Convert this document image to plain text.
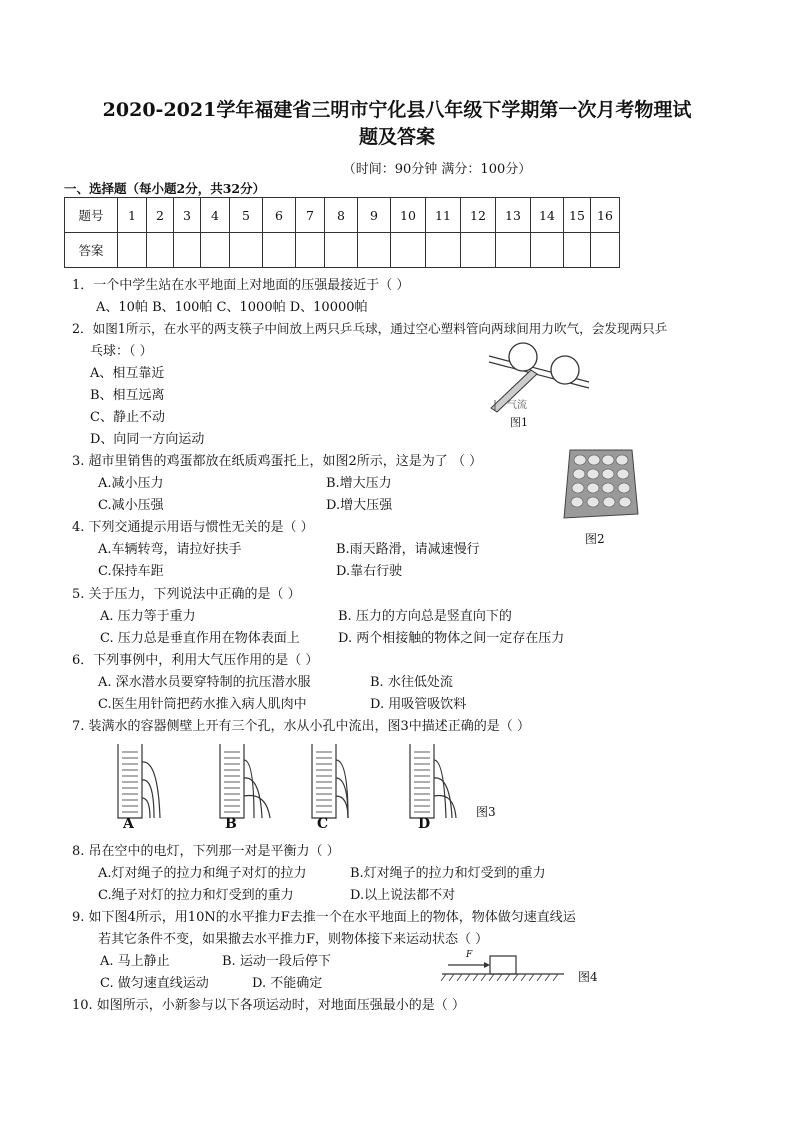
2020-2021学年福建省三明市宁化县八年级下学期第一次月考物理试
题及答案
（时间：90分钟 满分：100分）
一、选择题（每小题2分，共32分）
题号	1	2	3	4	5	6	7	8	9	10	11	12	13	14	15	16
答案																
1．一个中学生站在水平地面上对地面的压强最接近于（ ）
A、10帕 B、100帕 C、1000帕 D、10000帕
2．如图1所示，在水平的两支筷子中间放上两只乒乓球，通过空心塑料管向两球间用力吹气，会发现两只乒
乓球：（ ）
A、相互靠近
B、相互远离
C、静止不动
D、向同一方向运动
气流
图1
3. 超市里销售的鸡蛋都放在纸质鸡蛋托上，如图2所示，这是为了 （ ）
A.减小压力	B.增大压力
C.减小压强	D.增大压强
图2
4. 下列交通提示用语与惯性无关的是（ ）
A.车辆转弯，请拉好扶手	B.雨天路滑，请减速慢行
C.保持车距	D.靠右行驶
5. 关于压力，下列说法中正确的是（ ）
A. 压力等于重力	B. 压力的方向总是竖直向下的
C. 压力总是垂直作用在物体表面上	D. 两个相接触的物体之间一定存在压力
6．下列事例中，利用大气压作用的是（ ）
A. 深水潜水员要穿特制的抗压潜水服	B. 水往低处流
C.医生用针筒把药水推入病人肌肉中	D. 用吸管吸饮料
7. 装满水的容器侧壁上开有三个孔，水从小孔中流出，图3中描述正确的是（ ）
A	B	C	D
图3
8. 吊在空中的电灯，下列那一对是平衡力（ ）
A.灯对绳子的拉力和绳子对灯的拉力	B.灯对绳子的拉力和灯受到的重力
C.绳子对灯的拉力和灯受到的重力	D.以上说法都不对
9. 如下图4所示，用10N的水平推力F去推一个在水平地面上的物体，物体做匀速直线运
若其它条件不变，如果撤去水平推力F，则物体接下来运动状态（ ）
A. 马上静止	B. 运动一段后停下
C. 做匀速直线运动	D. 不能确定
F
图4
10. 如图所示，小新参与以下各项运动时，对地面压强最小的是（ ）
